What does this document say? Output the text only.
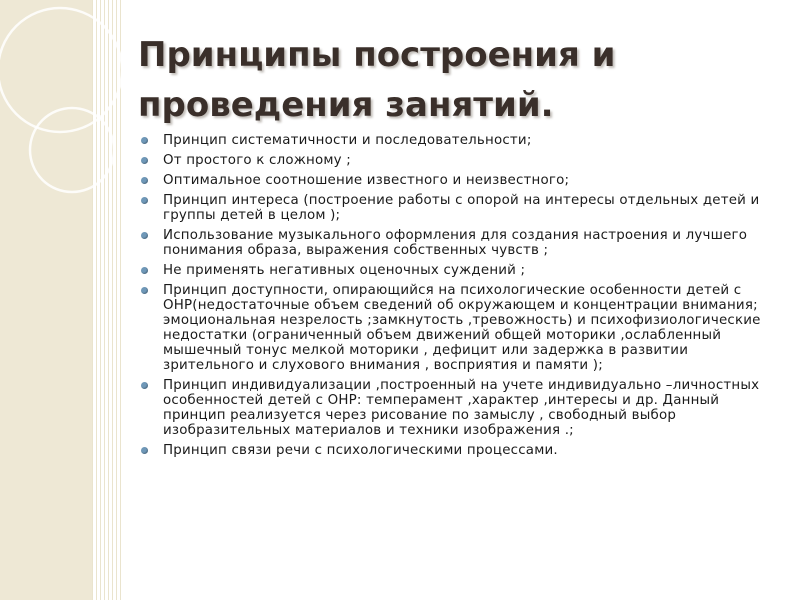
Принципы построения и проведения занятий.
Принцип систематичности и последовательности;
От простого к сложному ;
Оптимальное соотношение известного и неизвестного;
Принцип интереса (построение работы с опорой на интересы отдельных детей и группы детей в целом );
Использование музыкального оформления для создания настроения и лучшего понимания образа, выражения собственных чувств ;
Не применять негативных оценочных суждений ;
Принцип доступности, опирающийся на психологические особенности детей с ОНР(недостаточные объем сведений об окружающем и концентрации внимания; эмоциональная незрелость ;замкнутость ,тревожность) и психофизиологические недостатки (ограниченный объем движений общей моторики ,ослабленный мышечный тонус мелкой моторики , дефицит или задержка в развитии зрительного и слухового внимания , восприятия и памяти );
Принцип индивидуализации ,построенный на учете индивидуально –личностных особенностей детей с ОНР: темперамент ,характер ,интересы и др. Данный принцип реализуется через рисование по замыслу , свободный выбор изобразительных материалов и техники изображения .;
Принцип связи речи с психологическими процессами.
